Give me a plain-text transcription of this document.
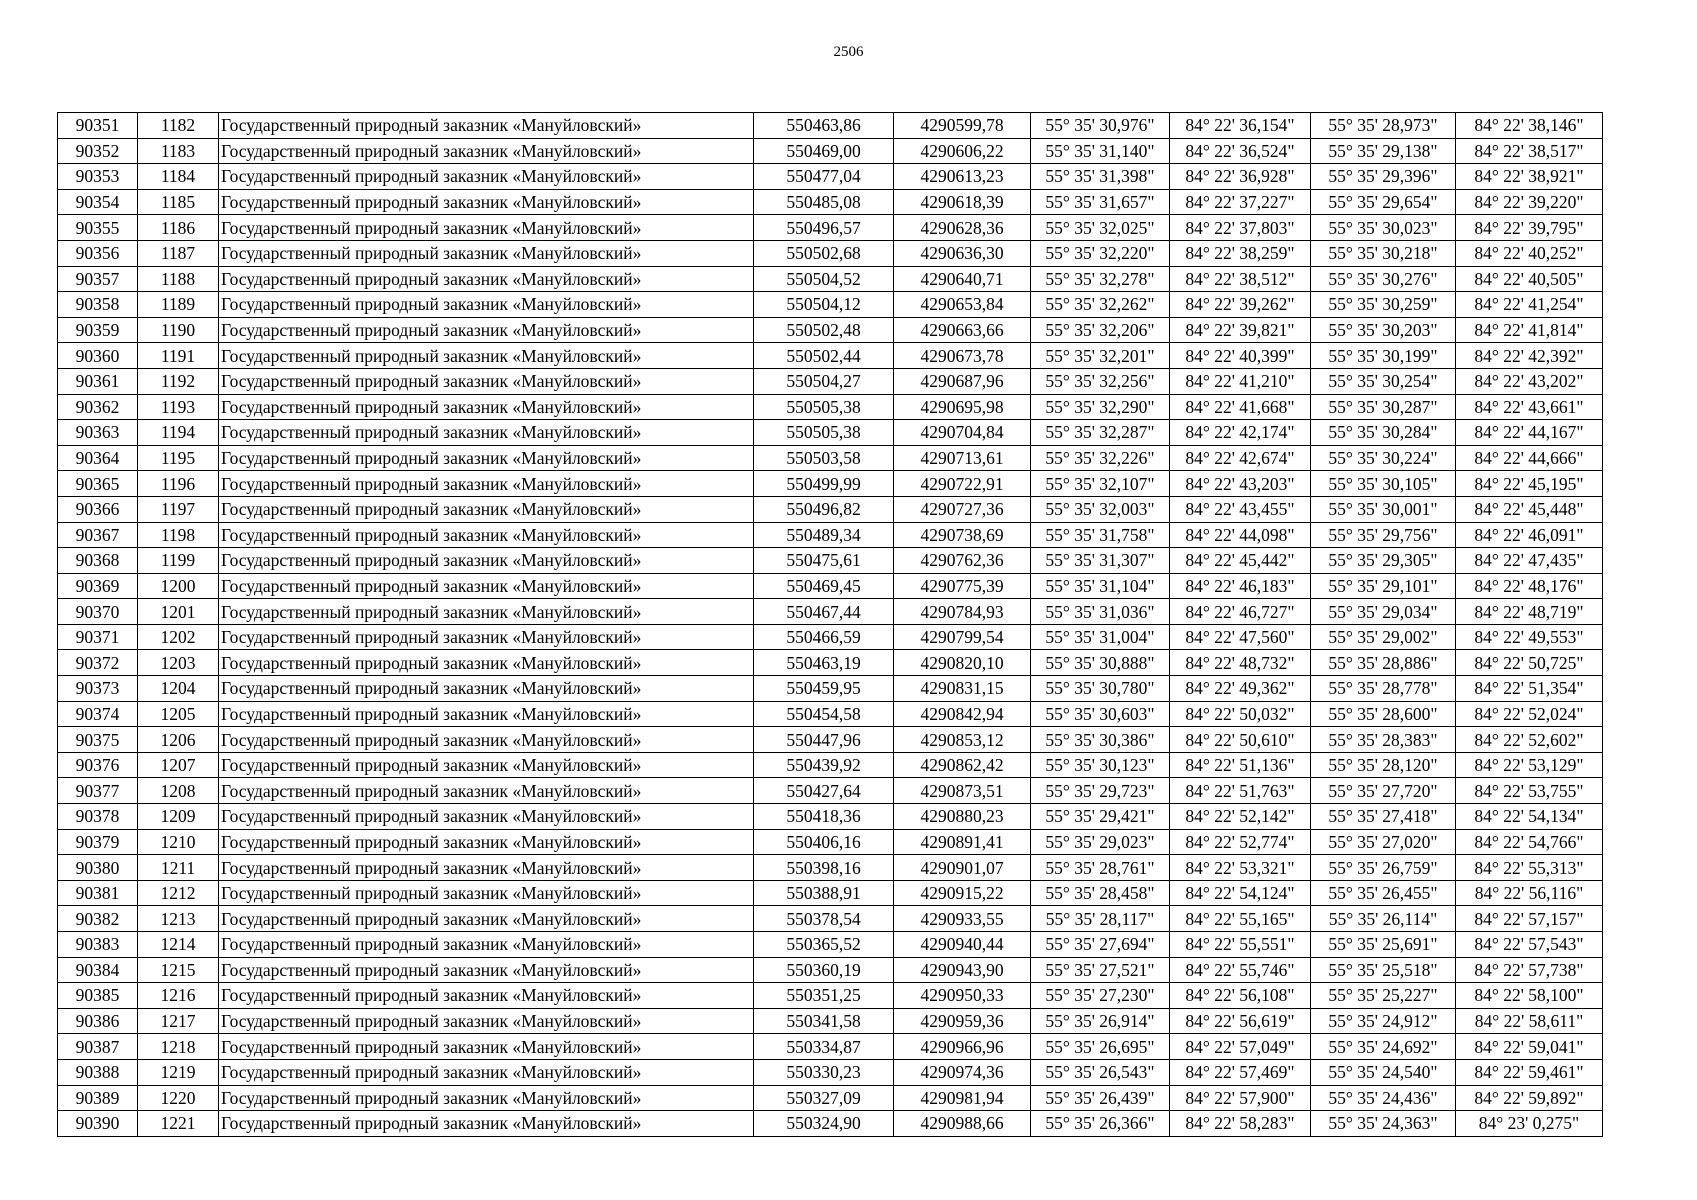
2506
90351	1182	Государственный природный заказник «Мануйловский»	550463,86	4290599,78	55° 35' 30,976"	84° 22' 36,154"	55° 35' 28,973"	84° 22' 38,146"
90352	1183	Государственный природный заказник «Мануйловский»	550469,00	4290606,22	55° 35' 31,140"	84° 22' 36,524"	55° 35' 29,138"	84° 22' 38,517"
90353	1184	Государственный природный заказник «Мануйловский»	550477,04	4290613,23	55° 35' 31,398"	84° 22' 36,928"	55° 35' 29,396"	84° 22' 38,921"
90354	1185	Государственный природный заказник «Мануйловский»	550485,08	4290618,39	55° 35' 31,657"	84° 22' 37,227"	55° 35' 29,654"	84° 22' 39,220"
90355	1186	Государственный природный заказник «Мануйловский»	550496,57	4290628,36	55° 35' 32,025"	84° 22' 37,803"	55° 35' 30,023"	84° 22' 39,795"
90356	1187	Государственный природный заказник «Мануйловский»	550502,68	4290636,30	55° 35' 32,220"	84° 22' 38,259"	55° 35' 30,218"	84° 22' 40,252"
90357	1188	Государственный природный заказник «Мануйловский»	550504,52	4290640,71	55° 35' 32,278"	84° 22' 38,512"	55° 35' 30,276"	84° 22' 40,505"
90358	1189	Государственный природный заказник «Мануйловский»	550504,12	4290653,84	55° 35' 32,262"	84° 22' 39,262"	55° 35' 30,259"	84° 22' 41,254"
90359	1190	Государственный природный заказник «Мануйловский»	550502,48	4290663,66	55° 35' 32,206"	84° 22' 39,821"	55° 35' 30,203"	84° 22' 41,814"
90360	1191	Государственный природный заказник «Мануйловский»	550502,44	4290673,78	55° 35' 32,201"	84° 22' 40,399"	55° 35' 30,199"	84° 22' 42,392"
90361	1192	Государственный природный заказник «Мануйловский»	550504,27	4290687,96	55° 35' 32,256"	84° 22' 41,210"	55° 35' 30,254"	84° 22' 43,202"
90362	1193	Государственный природный заказник «Мануйловский»	550505,38	4290695,98	55° 35' 32,290"	84° 22' 41,668"	55° 35' 30,287"	84° 22' 43,661"
90363	1194	Государственный природный заказник «Мануйловский»	550505,38	4290704,84	55° 35' 32,287"	84° 22' 42,174"	55° 35' 30,284"	84° 22' 44,167"
90364	1195	Государственный природный заказник «Мануйловский»	550503,58	4290713,61	55° 35' 32,226"	84° 22' 42,674"	55° 35' 30,224"	84° 22' 44,666"
90365	1196	Государственный природный заказник «Мануйловский»	550499,99	4290722,91	55° 35' 32,107"	84° 22' 43,203"	55° 35' 30,105"	84° 22' 45,195"
90366	1197	Государственный природный заказник «Мануйловский»	550496,82	4290727,36	55° 35' 32,003"	84° 22' 43,455"	55° 35' 30,001"	84° 22' 45,448"
90367	1198	Государственный природный заказник «Мануйловский»	550489,34	4290738,69	55° 35' 31,758"	84° 22' 44,098"	55° 35' 29,756"	84° 22' 46,091"
90368	1199	Государственный природный заказник «Мануйловский»	550475,61	4290762,36	55° 35' 31,307"	84° 22' 45,442"	55° 35' 29,305"	84° 22' 47,435"
90369	1200	Государственный природный заказник «Мануйловский»	550469,45	4290775,39	55° 35' 31,104"	84° 22' 46,183"	55° 35' 29,101"	84° 22' 48,176"
90370	1201	Государственный природный заказник «Мануйловский»	550467,44	4290784,93	55° 35' 31,036"	84° 22' 46,727"	55° 35' 29,034"	84° 22' 48,719"
90371	1202	Государственный природный заказник «Мануйловский»	550466,59	4290799,54	55° 35' 31,004"	84° 22' 47,560"	55° 35' 29,002"	84° 22' 49,553"
90372	1203	Государственный природный заказник «Мануйловский»	550463,19	4290820,10	55° 35' 30,888"	84° 22' 48,732"	55° 35' 28,886"	84° 22' 50,725"
90373	1204	Государственный природный заказник «Мануйловский»	550459,95	4290831,15	55° 35' 30,780"	84° 22' 49,362"	55° 35' 28,778"	84° 22' 51,354"
90374	1205	Государственный природный заказник «Мануйловский»	550454,58	4290842,94	55° 35' 30,603"	84° 22' 50,032"	55° 35' 28,600"	84° 22' 52,024"
90375	1206	Государственный природный заказник «Мануйловский»	550447,96	4290853,12	55° 35' 30,386"	84° 22' 50,610"	55° 35' 28,383"	84° 22' 52,602"
90376	1207	Государственный природный заказник «Мануйловский»	550439,92	4290862,42	55° 35' 30,123"	84° 22' 51,136"	55° 35' 28,120"	84° 22' 53,129"
90377	1208	Государственный природный заказник «Мануйловский»	550427,64	4290873,51	55° 35' 29,723"	84° 22' 51,763"	55° 35' 27,720"	84° 22' 53,755"
90378	1209	Государственный природный заказник «Мануйловский»	550418,36	4290880,23	55° 35' 29,421"	84° 22' 52,142"	55° 35' 27,418"	84° 22' 54,134"
90379	1210	Государственный природный заказник «Мануйловский»	550406,16	4290891,41	55° 35' 29,023"	84° 22' 52,774"	55° 35' 27,020"	84° 22' 54,766"
90380	1211	Государственный природный заказник «Мануйловский»	550398,16	4290901,07	55° 35' 28,761"	84° 22' 53,321"	55° 35' 26,759"	84° 22' 55,313"
90381	1212	Государственный природный заказник «Мануйловский»	550388,91	4290915,22	55° 35' 28,458"	84° 22' 54,124"	55° 35' 26,455"	84° 22' 56,116"
90382	1213	Государственный природный заказник «Мануйловский»	550378,54	4290933,55	55° 35' 28,117"	84° 22' 55,165"	55° 35' 26,114"	84° 22' 57,157"
90383	1214	Государственный природный заказник «Мануйловский»	550365,52	4290940,44	55° 35' 27,694"	84° 22' 55,551"	55° 35' 25,691"	84° 22' 57,543"
90384	1215	Государственный природный заказник «Мануйловский»	550360,19	4290943,90	55° 35' 27,521"	84° 22' 55,746"	55° 35' 25,518"	84° 22' 57,738"
90385	1216	Государственный природный заказник «Мануйловский»	550351,25	4290950,33	55° 35' 27,230"	84° 22' 56,108"	55° 35' 25,227"	84° 22' 58,100"
90386	1217	Государственный природный заказник «Мануйловский»	550341,58	4290959,36	55° 35' 26,914"	84° 22' 56,619"	55° 35' 24,912"	84° 22' 58,611"
90387	1218	Государственный природный заказник «Мануйловский»	550334,87	4290966,96	55° 35' 26,695"	84° 22' 57,049"	55° 35' 24,692"	84° 22' 59,041"
90388	1219	Государственный природный заказник «Мануйловский»	550330,23	4290974,36	55° 35' 26,543"	84° 22' 57,469"	55° 35' 24,540"	84° 22' 59,461"
90389	1220	Государственный природный заказник «Мануйловский»	550327,09	4290981,94	55° 35' 26,439"	84° 22' 57,900"	55° 35' 24,436"	84° 22' 59,892"
90390	1221	Государственный природный заказник «Мануйловский»	550324,90	4290988,66	55° 35' 26,366"	84° 22' 58,283"	55° 35' 24,363"	84° 23' 0,275"
